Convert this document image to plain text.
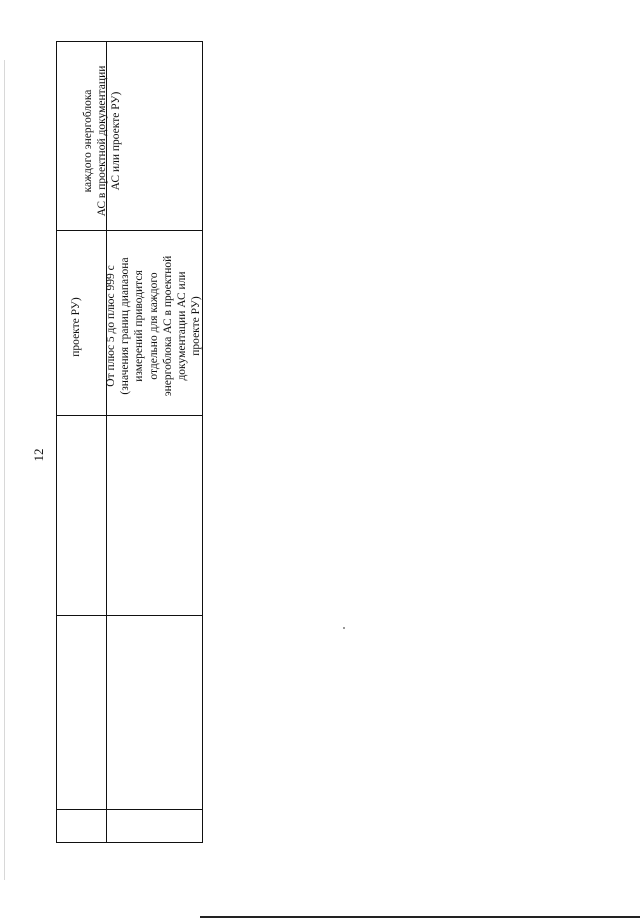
12
каждого энергоблока
АС в проектной документации
АС или проекте РУ)
проекте РУ)
От плюс 5 до плюс 999 с
(значения границ диапазона
измерений приводится
отдельно для каждого
энергоблока АС в проектной
документации АС или
проекте РУ)
